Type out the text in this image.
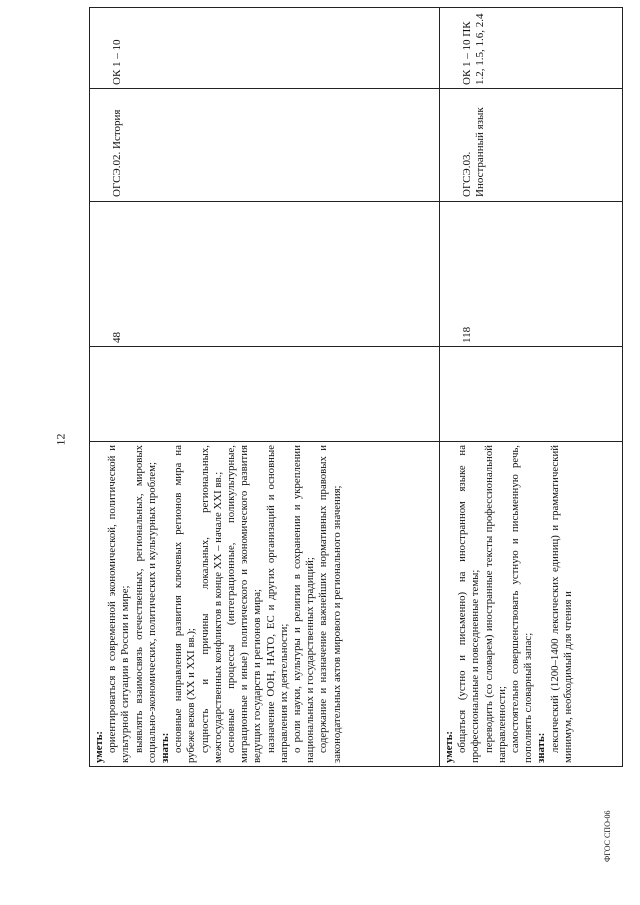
12
ФГОС СПО-06

уметь: ориентироваться в современной экономической, политической и культурной ситуации в России и мире; выявлять взаимосвязь отечественных, региональных, мировых социально-экономических, политических и культурных проблем; знать: основные направления развития ключевых регионов мира на рубеже веков (XX и XXI вв.); сущность и причины локальных, региональных, межгосударственных конфликтов в конце XX – начале XXI вв.; основные процессы (интеграционные, поликультурные, миграционные и иные) политического и экономического развития ведущих государств и регионов мира; назначение ООН, НАТО, ЕС и других организаций и основные направления их деятельности; о роли науки, культуры и религии в сохранении и укреплении национальных и государственных традиций; содержание и назначение важнейших нормативных правовых и законодательных актов мирового и регионального значения;

48
ОГСЭ.02. История
ОК 1 – 10

уметь: общаться (устно и письменно) на иностранном языке на профессиональные и повседневные темы; переводить (со словарем) иностранные тексты профессиональной направленности; самостоятельно совершенствовать устную и письменную речь, пополнять словарный запас; знать: лексический (1200–1400 лексических единиц) и грамматический минимум, необходимый для чтения и

118
ОГСЭ.03. Иностранный язык
ОК 1 – 10 ПК 1.2, 1.5, 1.6, 2.4
